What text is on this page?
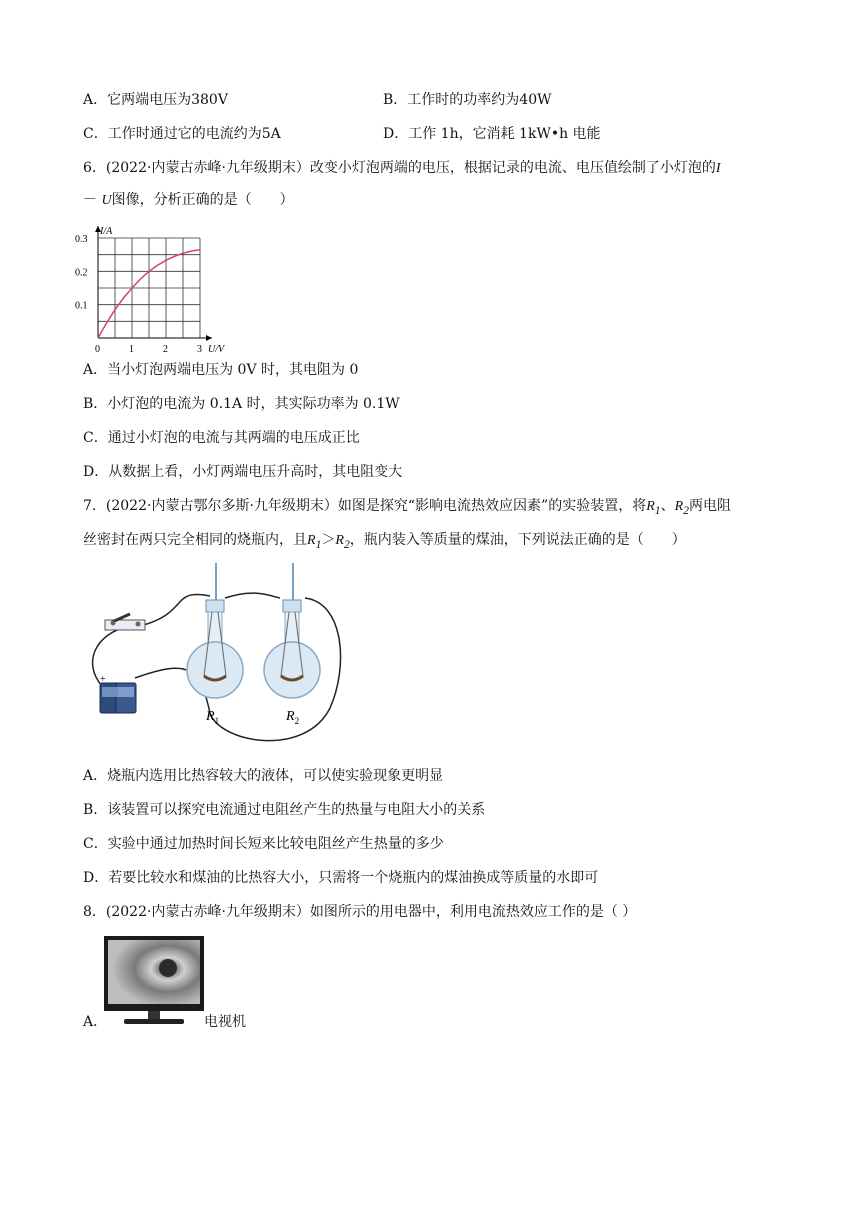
A．它两端电压为380V	B．工作时的功率约为40W
C．工作时通过它的电流约为5A	D．工作 1h，它消耗 1kW•h 电能
6．(2022·内蒙古赤峰·九年级期末）改变小灯泡两端的电压，根据记录的电流、电压值绘制了小灯泡的I
－ U图像，分析正确的是（　　）
0	1	2	3
0.1
0.2
0.3
U/V
I/A
A．当小灯泡两端电压为 0V 时，其电阻为 0
B．小灯泡的电流为 0.1A 时，其实际功率为 0.1W
C．通过小灯泡的电流与其两端的电压成正比
D．从数据上看，小灯两端电压升高时，其电阻变大
7．(2022·内蒙古鄂尔多斯·九年级期末）如图是探究“影响电流热效应因素”的实验装置，将$R_1$、$R_2$两电阻
丝密封在两只完全相同的烧瓶内，且$R_1>R_2$，瓶内装入等质量的煤油，下列说法正确的是（　　）
+
$R_1$	$R_2$
A．烧瓶内选用比热容较大的液体，可以使实验现象更明显
B．该装置可以探究电流通过电阻丝产生的热量与电阻大小的关系
C．实验中通过加热时间长短来比较电阻丝产生热量的多少
D．若要比较水和煤油的比热容大小，只需将一个烧瓶内的煤油换成等质量的水即可
8．(2022·内蒙古赤峰·九年级期末）如图所示的用电器中，利用电流热效应工作的是（ ）
A．	电视机
